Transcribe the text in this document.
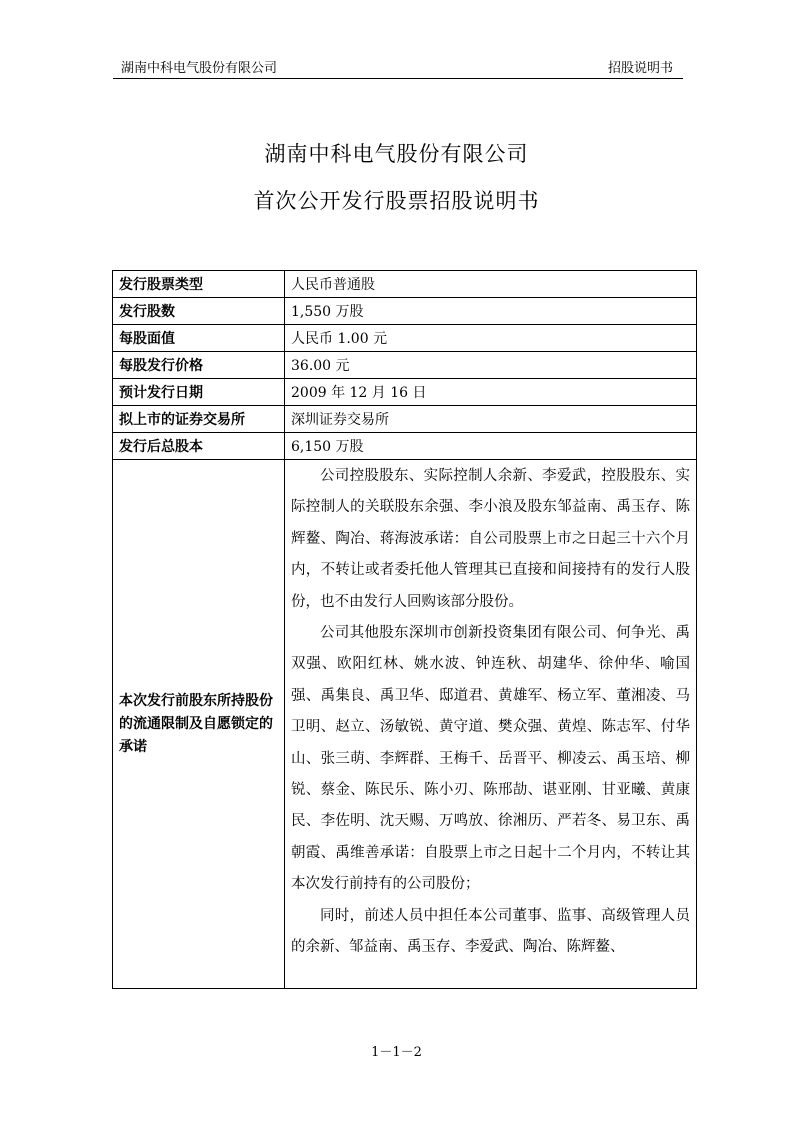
湖南中科电气股份有限公司	招股说明书
湖南中科电气股份有限公司
首次公开发行股票招股说明书
发行股票类型	人民币普通股
发行股数	1,550 万股
每股面值	人民币 1.00 元
每股发行价格	36.00 元
预计发行日期	2009 年 12 月 16 日
拟上市的证券交易所	深圳证券交易所
发行后总股本	6,150 万股
本次发行前股东所持股份的流通限制及自愿锁定的承诺	公司控股股东、实际控制人余新、李爱武，控股股东、实际控制人的关联股东余强、李小浪及股东邹益南、禹玉存、陈辉鳌、陶冶、蒋海波承诺：自公司股票上市之日起三十六个月内，不转让或者委托他人管理其已直接和间接持有的发行人股份，也不由发行人回购该部分股份。

公司其他股东深圳市创新投资集团有限公司、何争光、禹双强、欧阳红林、姚水波、钟连秋、胡建华、徐仲华、喻国强、禹集良、禹卫华、邸道君、黄雄军、杨立军、董湘凌、马卫明、赵立、汤敏锐、黄守道、樊众强、黄煌、陈志军、付华山、张三萌、李辉群、王梅千、岳晋平、柳凌云、禹玉培、柳锐、蔡金、陈民乐、陈小刃、陈邢劼、谌亚刚、甘亚曦、黄康民、李佐明、沈天赐、万鸣放、徐湘历、严若冬、易卫东、禹朝霞、禹维善承诺：自股票上市之日起十二个月内，不转让其本次发行前持有的公司股份；

同时，前述人员中担任本公司董事、监事、高级管理人员的余新、邹益南、禹玉存、李爱武、陶冶、陈辉鳌、

1－1－2
